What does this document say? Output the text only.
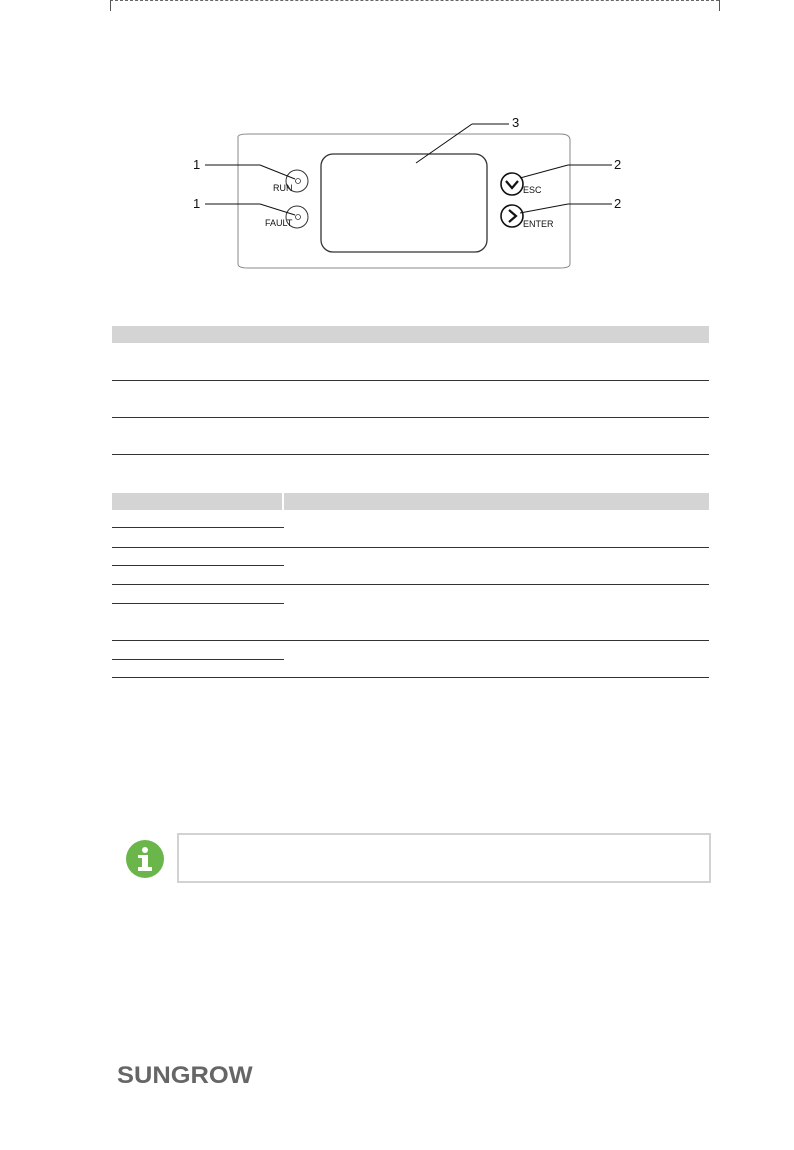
1
1
2
2
3
RUN
FAULT
ESC
ENTER
SUNGROW
